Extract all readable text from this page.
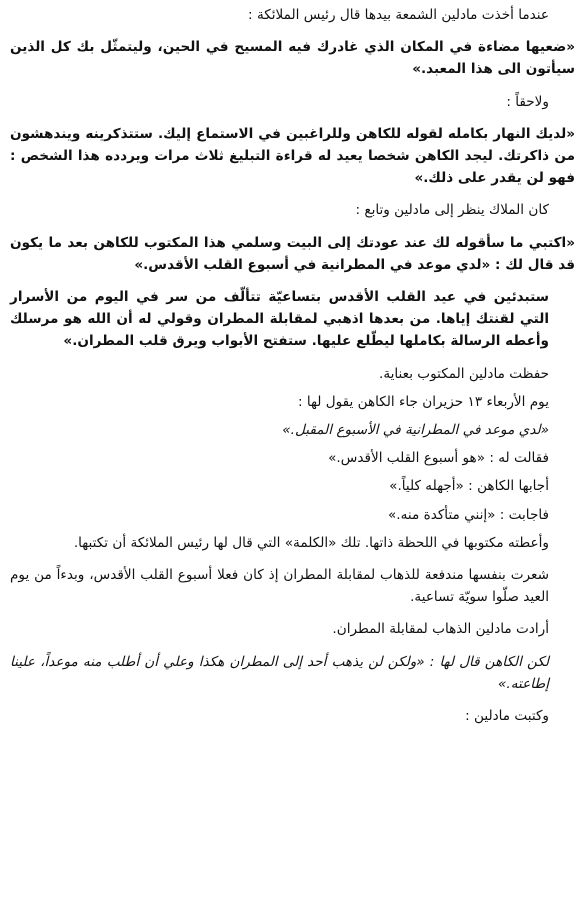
عندما أخذت مادلين الشمعة بيدها قال رئيس الملائكة :

«ضعيها مضاءة في المكان الذي غادرك فيه المسيح في الحين، وليتمثّل بك كل الذين سيأتون الى هذا المعبد.»

ولاحقاً :

«لديك النهار بكامله لقوله للكاهن وللراغبين في الاستماع إليك. ستتذكرينه ويندهشون من ذاكرتك. ليجد الكاهن شخصا يعيد له قراءة التبليغ ثلاث مرات ويردده هذا الشخص : فهو لن يقدر على ذلك.»

كان الملاك ينظر إلى مادلين وتابع :

«اكتبي ما سأقوله لك عند عودتك إلى البيت وسلمي هذا المكتوب للكاهن بعد ما يكون قد قال لك : «لدي موعد في المطرانية في أسبوع القلب الأقدس.»

ستبدئين في عيد القلب الأقدس بتساعيّة تتألّف من سر في اليوم من الأسرار التي لقنتك إياها. من بعدها اذهبي لمقابلة المطران وقولي له أن الله هو مرسلك وأعطه الرسالة بكاملها ليطّلع عليها. ستفتح الأبواب ويرق قلب المطران.»

حفظت مادلين المكتوب بعناية.

يوم الأربعاء ١٣ حزيران جاء الكاهن يقول لها :

«لدي موعد في المطرانية في الأسبوع المقبل.»

فقالت له : «هو أسبوع القلب الأقدس.»

أجابها الكاهن : «أجهله كلياً.»

فاجابت : «إنني متأكدة منه.»

وأعطته مكتوبها في اللحظة ذاتها. تلك «الكلمة» التي قال لها رئيس الملائكة أن تكتبها.

شعرت بنفسها مندفعة للذهاب لمقابلة المطران إذ كان فعلا أسبوع القلب الأقدس، وبدءاً من يوم العيد صلّوا سويّة تساعية.

أرادت مادلين الذهاب لمقابلة المطران.

لكن الكاهن قال لها : «ولكن لن يذهب أحد إلى المطران هكذا وعلي أن أطلب منه موعداً، علينا إطاعته.»

وكتبت مادلين :
